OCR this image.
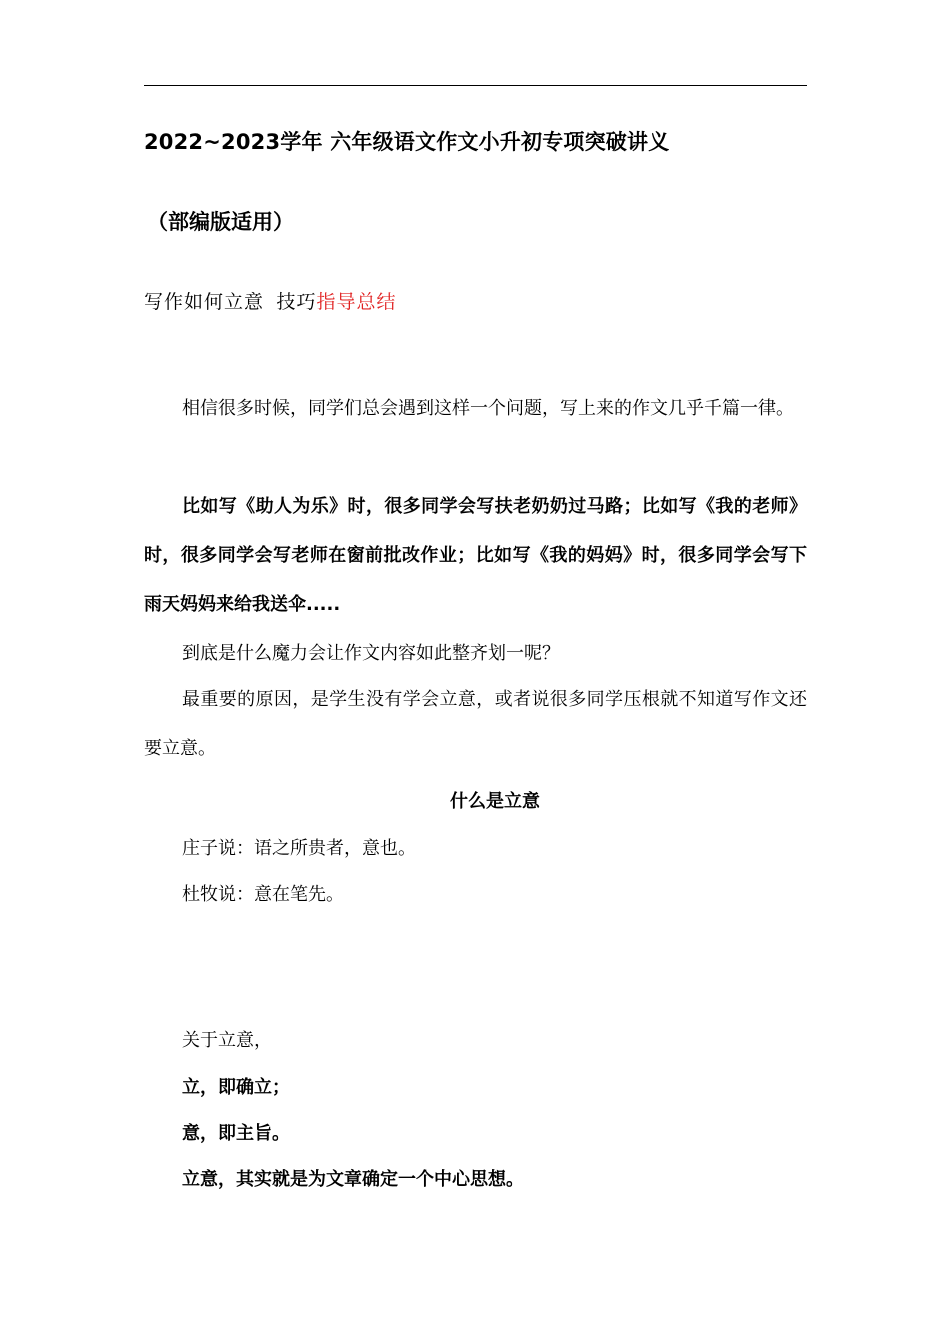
2022~2023学年 六年级语文作文小升初专项突破讲义
（部编版适用）
写作如何立意 技巧指导总结
相信很多时候，同学们总会遇到这样一个问题，写上来的作文几乎千篇一律。
比如写《助人为乐》时，很多同学会写扶老奶奶过马路；比如写《我的老师》时，很多同学会写老师在窗前批改作业；比如写《我的妈妈》时，很多同学会写下雨天妈妈来给我送伞.....
到底是什么魔力会让作文内容如此整齐划一呢？
最重要的原因，是学生没有学会立意，或者说很多同学压根就不知道写作文还要立意。
什么是立意
庄子说：语之所贵者，意也。
杜牧说：意在笔先。
关于立意，
立，即确立；
意，即主旨。
立意，其实就是为文章确定一个中心思想。
